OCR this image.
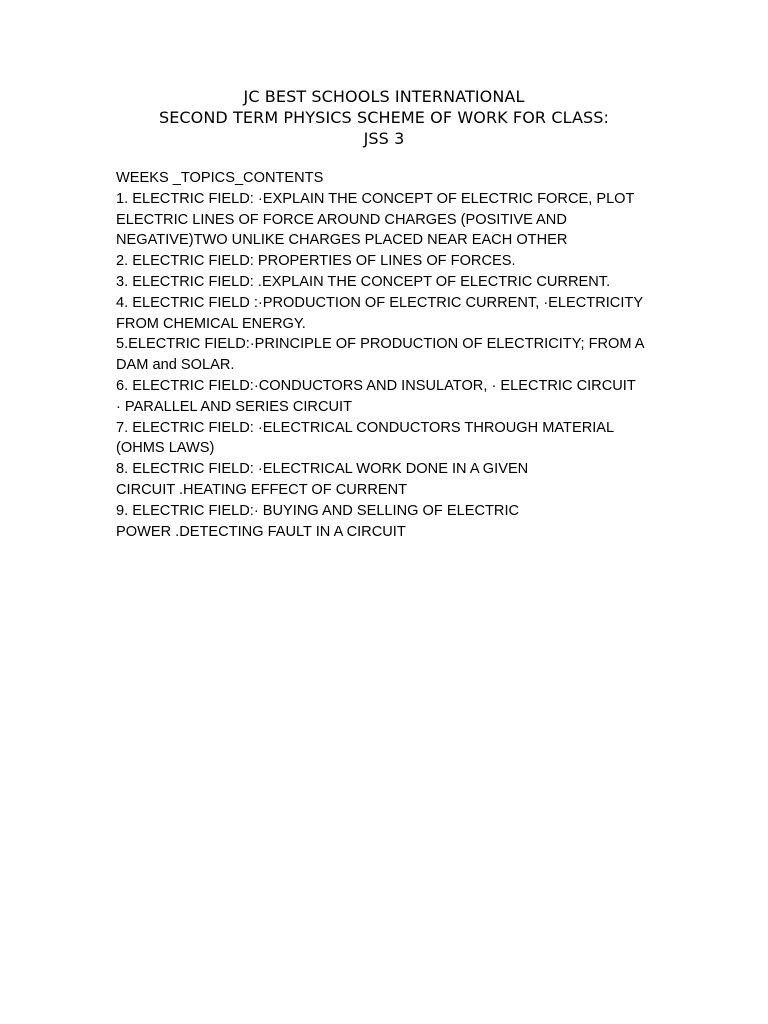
JC BEST SCHOOLS INTERNATIONAL
SECOND TERM PHYSICS SCHEME OF WORK FOR CLASS:
JSS 3
WEEKS _TOPICS_CONTENTS
1. ELECTRIC FIELD: ·EXPLAIN THE CONCEPT OF ELECTRIC FORCE, PLOT
ELECTRIC LINES OF FORCE AROUND CHARGES (POSITIVE AND
NEGATIVE)TWO UNLIKE CHARGES PLACED NEAR EACH OTHER
2. ELECTRIC FIELD: PROPERTIES OF LINES OF FORCES.
3. ELECTRIC FIELD: .EXPLAIN THE CONCEPT OF ELECTRIC CURRENT.
4. ELECTRIC FIELD :·PRODUCTION OF ELECTRIC CURRENT, ·ELECTRICITY
FROM CHEMICAL ENERGY.
5.ELECTRIC FIELD:·PRINCIPLE OF PRODUCTION OF ELECTRICITY; FROM A
DAM and SOLAR.
6. ELECTRIC FIELD:·CONDUCTORS AND INSULATOR, · ELECTRIC CIRCUIT
· PARALLEL AND SERIES CIRCUIT
7. ELECTRIC FIELD: ·ELECTRICAL CONDUCTORS THROUGH MATERIAL
(OHMS LAWS)
8. ELECTRIC FIELD: ·ELECTRICAL WORK DONE IN A GIVEN
CIRCUIT .HEATING EFFECT OF CURRENT
9. ELECTRIC FIELD:· BUYING AND SELLING OF ELECTRIC
POWER .DETECTING FAULT IN A CIRCUIT
